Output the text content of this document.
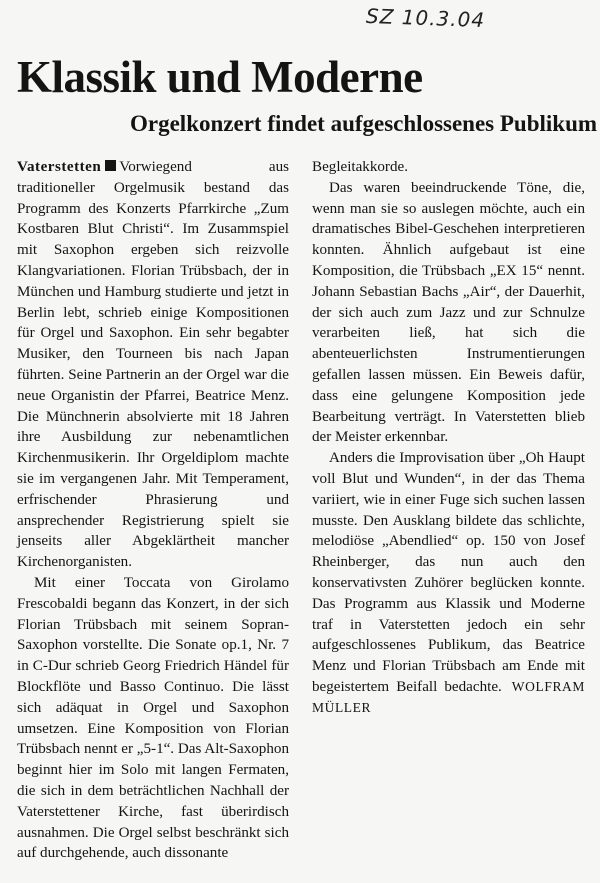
SZ 10.3.04
Klassik und Moderne
Orgelkonzert findet aufgeschlossenes Publikum

Vaterstetten Vorwiegend aus traditioneller Orgelmusik bestand das Programm des Konzerts Pfarrkirche „Zum Kostbaren Blut Christi“. Im Zusammspiel mit Saxophon ergeben sich reizvolle Klangvariationen. Florian Trübsbach, der in München und Hamburg studierte und jetzt in Berlin lebt, schrieb einige Kompositionen für Orgel und Saxophon. Ein sehr begabter Musiker, den Tourneen bis nach Japan führten. Seine Partnerin an der Orgel war die neue Organistin der Pfarrei, Beatrice Menz. Die Münchnerin absolvierte mit 18 Jahren ihre Ausbildung zur nebenamtlichen Kirchenmusikerin. Ihr Orgeldiplom machte sie im vergangenen Jahr. Mit Temperament, erfrischender Phrasierung und ansprechender Registrierung spielt sie jenseits aller Abgeklärtheit mancher Kirchenorganisten.

Mit einer Toccata von Girolamo Frescobaldi begann das Konzert, in der sich Florian Trübsbach mit seinem Sopran-Saxophon vorstellte. Die Sonate op.1, Nr. 7 in C-Dur schrieb Georg Friedrich Händel für Blockflöte und Basso Continuo. Die lässt sich adäquat in Orgel und Saxophon umsetzen. Eine Komposition von Florian Trübsbach nennt er „5-1“. Das Alt-Saxophon beginnt hier im Solo mit langen Fermaten, die sich in dem beträchtlichen Nachhall der Vaterstettener Kirche, fast überirdisch ausnahmen. Die Orgel selbst beschränkt sich auf durchgehende, auch dissonante

Begleitakkorde.

Das waren beeindruckende Töne, die, wenn man sie so auslegen möchte, auch ein dramatisches Bibel-Geschehen interpretieren konnten. Ähnlich aufgebaut ist eine Komposition, die Trübsbach „EX 15“ nennt. Johann Sebastian Bachs „Air“, der Dauerhit, der sich auch zum Jazz und zur Schnulze verarbeiten ließ, hat sich die abenteuerlichsten Instrumentierungen gefallen lassen müssen. Ein Beweis dafür, dass eine gelungene Komposition jede Bearbeitung verträgt. In Vaterstetten blieb der Meister erkennbar.

Anders die Improvisation über „Oh Haupt voll Blut und Wunden“, in der das Thema variiert, wie in einer Fuge sich suchen lassen musste. Den Ausklang bildete das schlichte, melodiöse „Abendlied“ op. 150 von Josef Rheinberger, das nun auch den konservativsten Zuhörer beglücken konnte. Das Programm aus Klassik und Moderne traf in Vaterstetten jedoch ein sehr aufgeschlossenes Publikum, das Beatrice Menz und Florian Trübsbach am Ende mit begeistertem Beifall bedachte. WOLFRAM MÜLLER
